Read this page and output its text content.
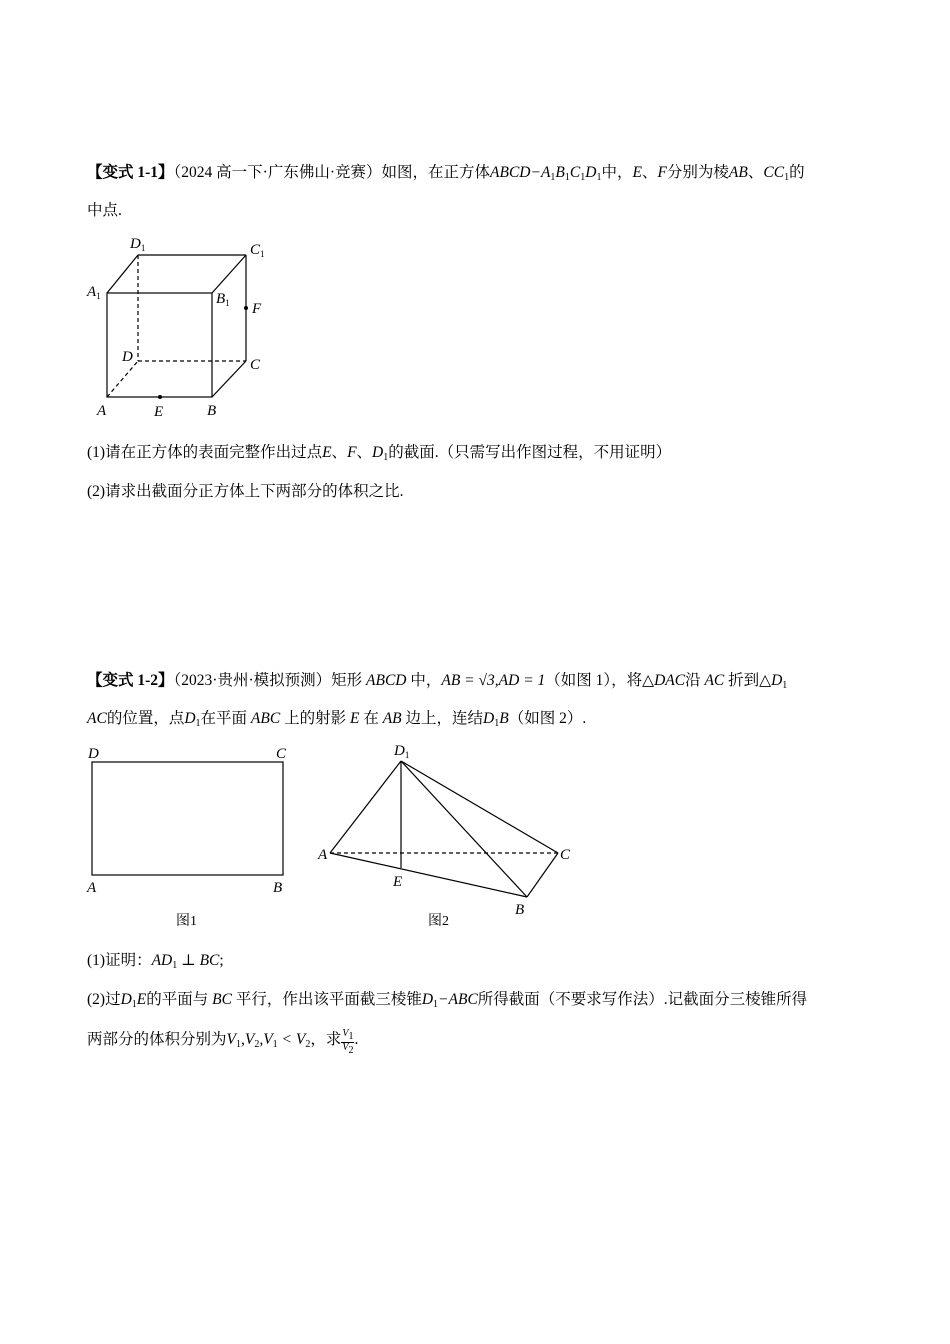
【变式 1-1】（2024 高一下·广东佛山·竞赛）如图，在正方体$ABCD-A_1B_1C_1D_1$中，E、F分别为棱AB、$CC_1$的
中点.
$D_1$	$C_1$
$A_1$	$B_1$ F
D	C
A	E	B
(1)请在正方体的表面完整作出过点E、F、$D_1$的截面.（只需写出作图过程，不用证明）
(2)请求出截面分正方体上下两部分的体积之比.
【变式 1-2】（2023·贵州·模拟预测）矩形 ABCD 中，AB = √3,AD = 1（如图 1），将△DAC沿 AC 折到$\triangle D_1$
AC的位置，点$D_1$在平面 ABC 上的射影 E 在 AB 边上，连结$D_1B$（如图 2）.
D	C
A	B
图1
$D_1$
A	C
E
B
图2
(1)证明：$AD_1$ ⊥ BC;
(2)过$D_1E$的平面与 BC 平行，作出该平面截三棱锥$D_1-ABC$所得截面（不要求写作法）.记截面分三棱锥所得
两部分的体积分别为$V_1,V_2,V_1 < V_2$，求 $\frac{V_1}{V_2}$ .
